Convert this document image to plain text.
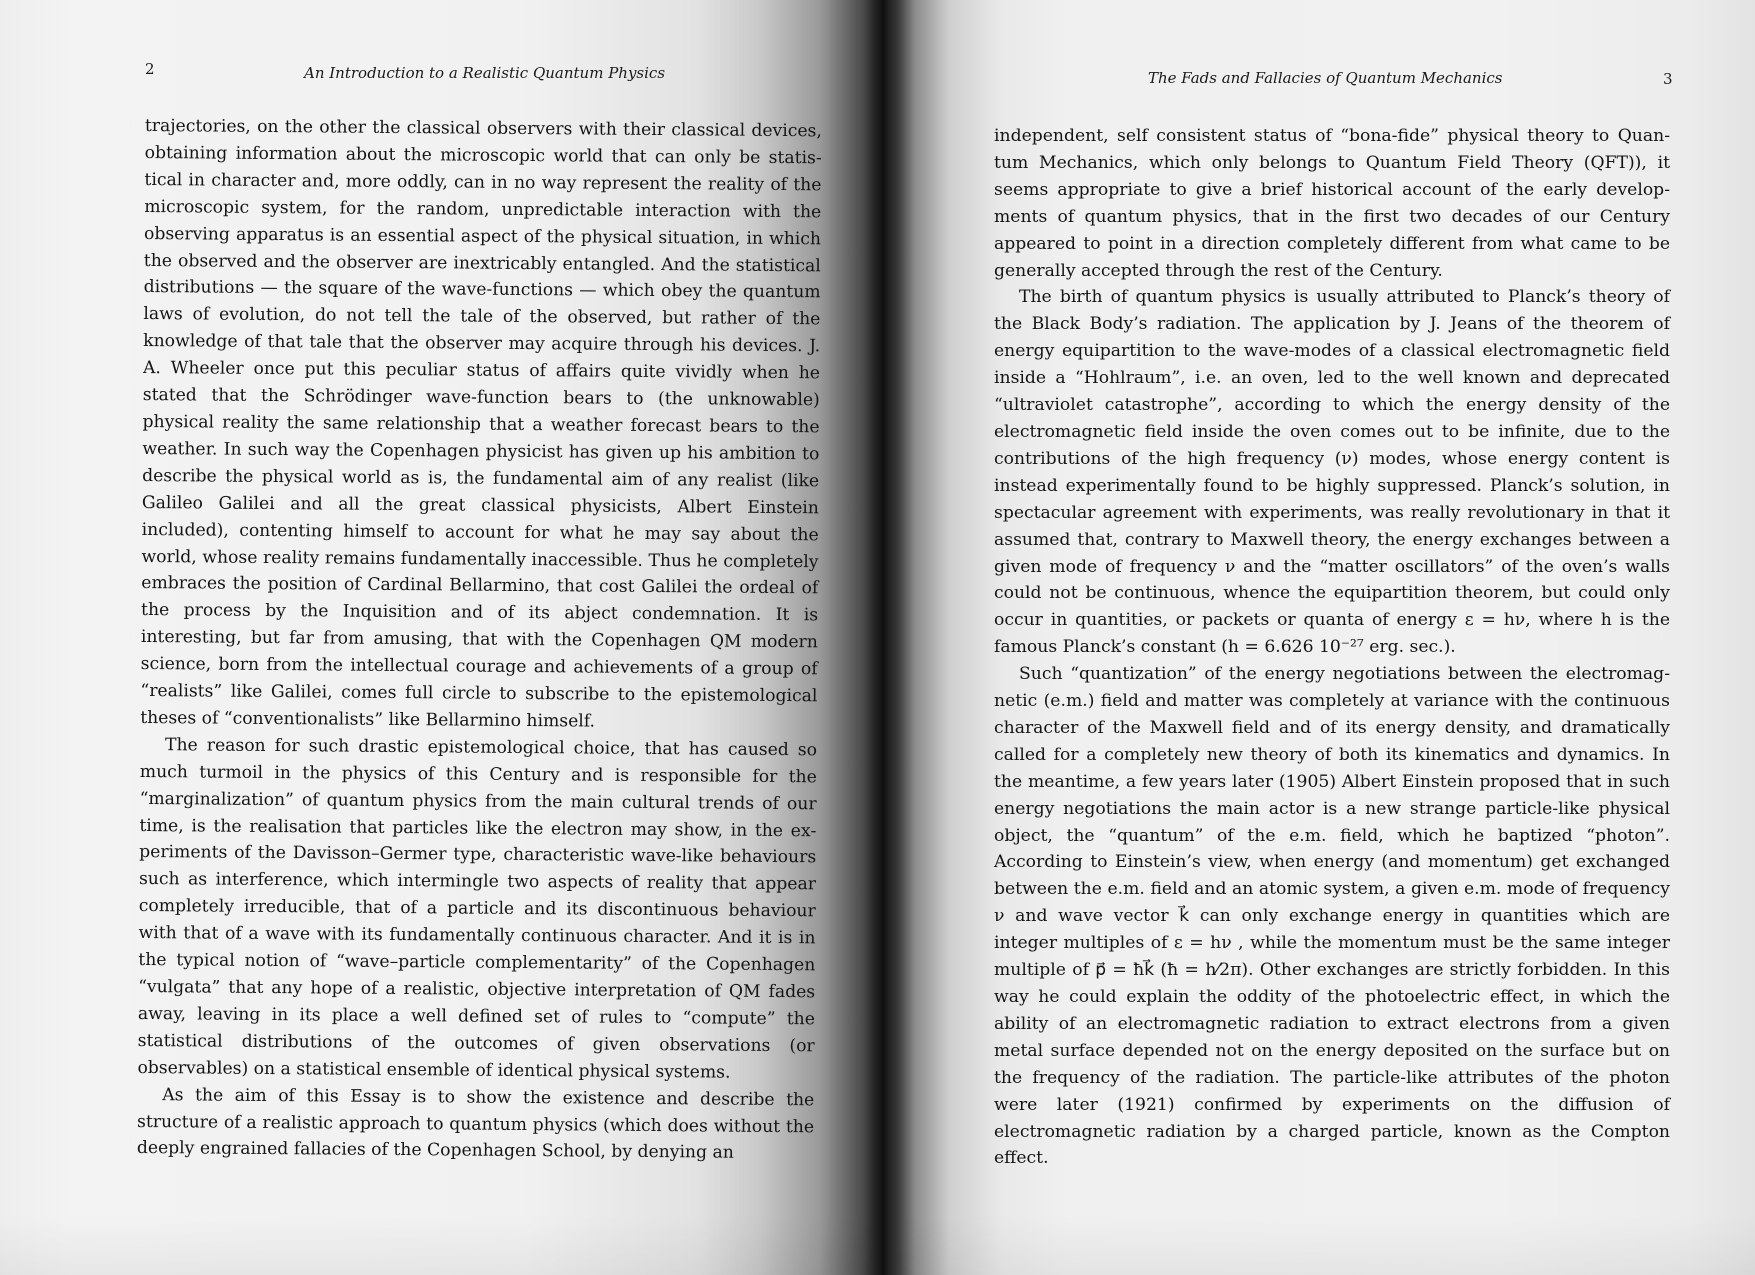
2	An Introduction to a Realistic Quantum Physics

trajectories, on the other the classical observers with their classical devices, obtaining information about the microscopic world that can only be statistical in character and, more oddly, can in no way represent the reality of the microscopic system, for the random, unpredictable interaction with the observing apparatus is an essential aspect of the physical situation, in which the observed and the observer are inextricably entangled. And the statistical distributions — the square of the wave-functions — which obey the quantum laws of evolution, do not tell the tale of the observed, but rather of the knowledge of that tale that the observer may acquire through his devices. J. A. Wheeler once put this peculiar status of affairs quite vividly when he stated that the Schrödinger wave-function bears to (the unknowable) physical reality the same relationship that a weather forecast bears to the weather. In such way the Copenhagen physicist has given up his ambition to describe the physical world as is, the fundamental aim of any realist (like Galileo Galilei and all the great classical physicists, Albert Einstein included), contenting himself to account for what he may say about the world, whose reality remains fundamentally inaccessible. Thus he completely embraces the position of Cardinal Bellarmino, that cost Galilei the ordeal of the process by the Inquisition and of its abject condemnation. It is interesting, but far from amusing, that with the Copenhagen QM modern science, born from the intellectual courage and achievements of a group of “realists” like Galilei, comes full circle to subscribe to the epistemological theses of “conventionalists” like Bellarmino himself.

The reason for such drastic epistemological choice, that has caused so much turmoil in the physics of this Century and is responsible for the “marginalization” of quantum physics from the main cultural trends of our time, is the realisation that particles like the electron may show, in the experiments of the Davisson–Germer type, characteristic wave-like behaviours such as interference, which intermingle two aspects of reality that appear completely irreducible, that of a particle and its discontinuous behaviour with that of a wave with its fundamentally continuous character. And it is in the typical notion of “wave–particle complementarity” of the Copenhagen “vulgata” that any hope of a realistic, objective interpretation of QM fades away, leaving in its place a well defined set of rules to “compute” the statistical distributions of the outcomes of given observations (or observables) on a statistical ensemble of identical physical systems.

As the aim of this Essay is to show the existence and describe the structure of a realistic approach to quantum physics (which does without the deeply engrained fallacies of the Copenhagen School, by denying an

The Fads and Fallacies of Quantum Mechanics	3

independent, self consistent status of “bona-fide” physical theory to Quantum Mechanics, which only belongs to Quantum Field Theory (QFT)), it seems appropriate to give a brief historical account of the early developments of quantum physics, that in the first two decades of our Century appeared to point in a direction completely different from what came to be generally accepted through the rest of the Century.

The birth of quantum physics is usually attributed to Planck’s theory of the Black Body’s radiation. The application by J. Jeans of the theorem of energy equipartition to the wave-modes of a classical electromagnetic field inside a “Hohlraum”, i.e. an oven, led to the well known and deprecated “ultraviolet catastrophe”, according to which the energy density of the electromagnetic field inside the oven comes out to be infinite, due to the contributions of the high frequency (ν) modes, whose energy content is instead experimentally found to be highly suppressed. Planck’s solution, in spectacular agreement with experiments, was really revolutionary in that it assumed that, contrary to Maxwell theory, the energy exchanges between a given mode of frequency ν and the “matter oscillators” of the oven’s walls could not be continuous, whence the equipartition theorem, but could only occur in quantities, or packets or quanta of energy ε = hν, where h is the famous Planck’s constant (h = 6.626 10⁻²⁷ erg. sec.).

Such “quantization” of the energy negotiations between the electromagnetic (e.m.) field and matter was completely at variance with the continuous character of the Maxwell field and of its energy density, and dramatically called for a completely new theory of both its kinematics and dynamics. In the meantime, a few years later (1905) Albert Einstein proposed that in such energy negotiations the main actor is a new strange particle-like physical object, the “quantum” of the e.m. field, which he baptized “photon”. According to Einstein’s view, when energy (and momentum) get exchanged between the e.m. field and an atomic system, a given e.m. mode of frequency ν and wave vector k⃗ can only exchange energy in quantities which are integer multiples of ε = hν , while the momentum must be the same integer multiple of p⃗ = ħk⃗ (ħ = h⁄2π). Other exchanges are strictly forbidden. In this way he could explain the oddity of the photoelectric effect, in which the ability of an electromagnetic radiation to extract electrons from a given metal surface depended not on the energy deposited on the surface but on the frequency of the radiation. The particle-like attributes of the photon were later (1921) confirmed by experiments on the diffusion of electromagnetic radiation by a charged particle, known as the Compton effect.
